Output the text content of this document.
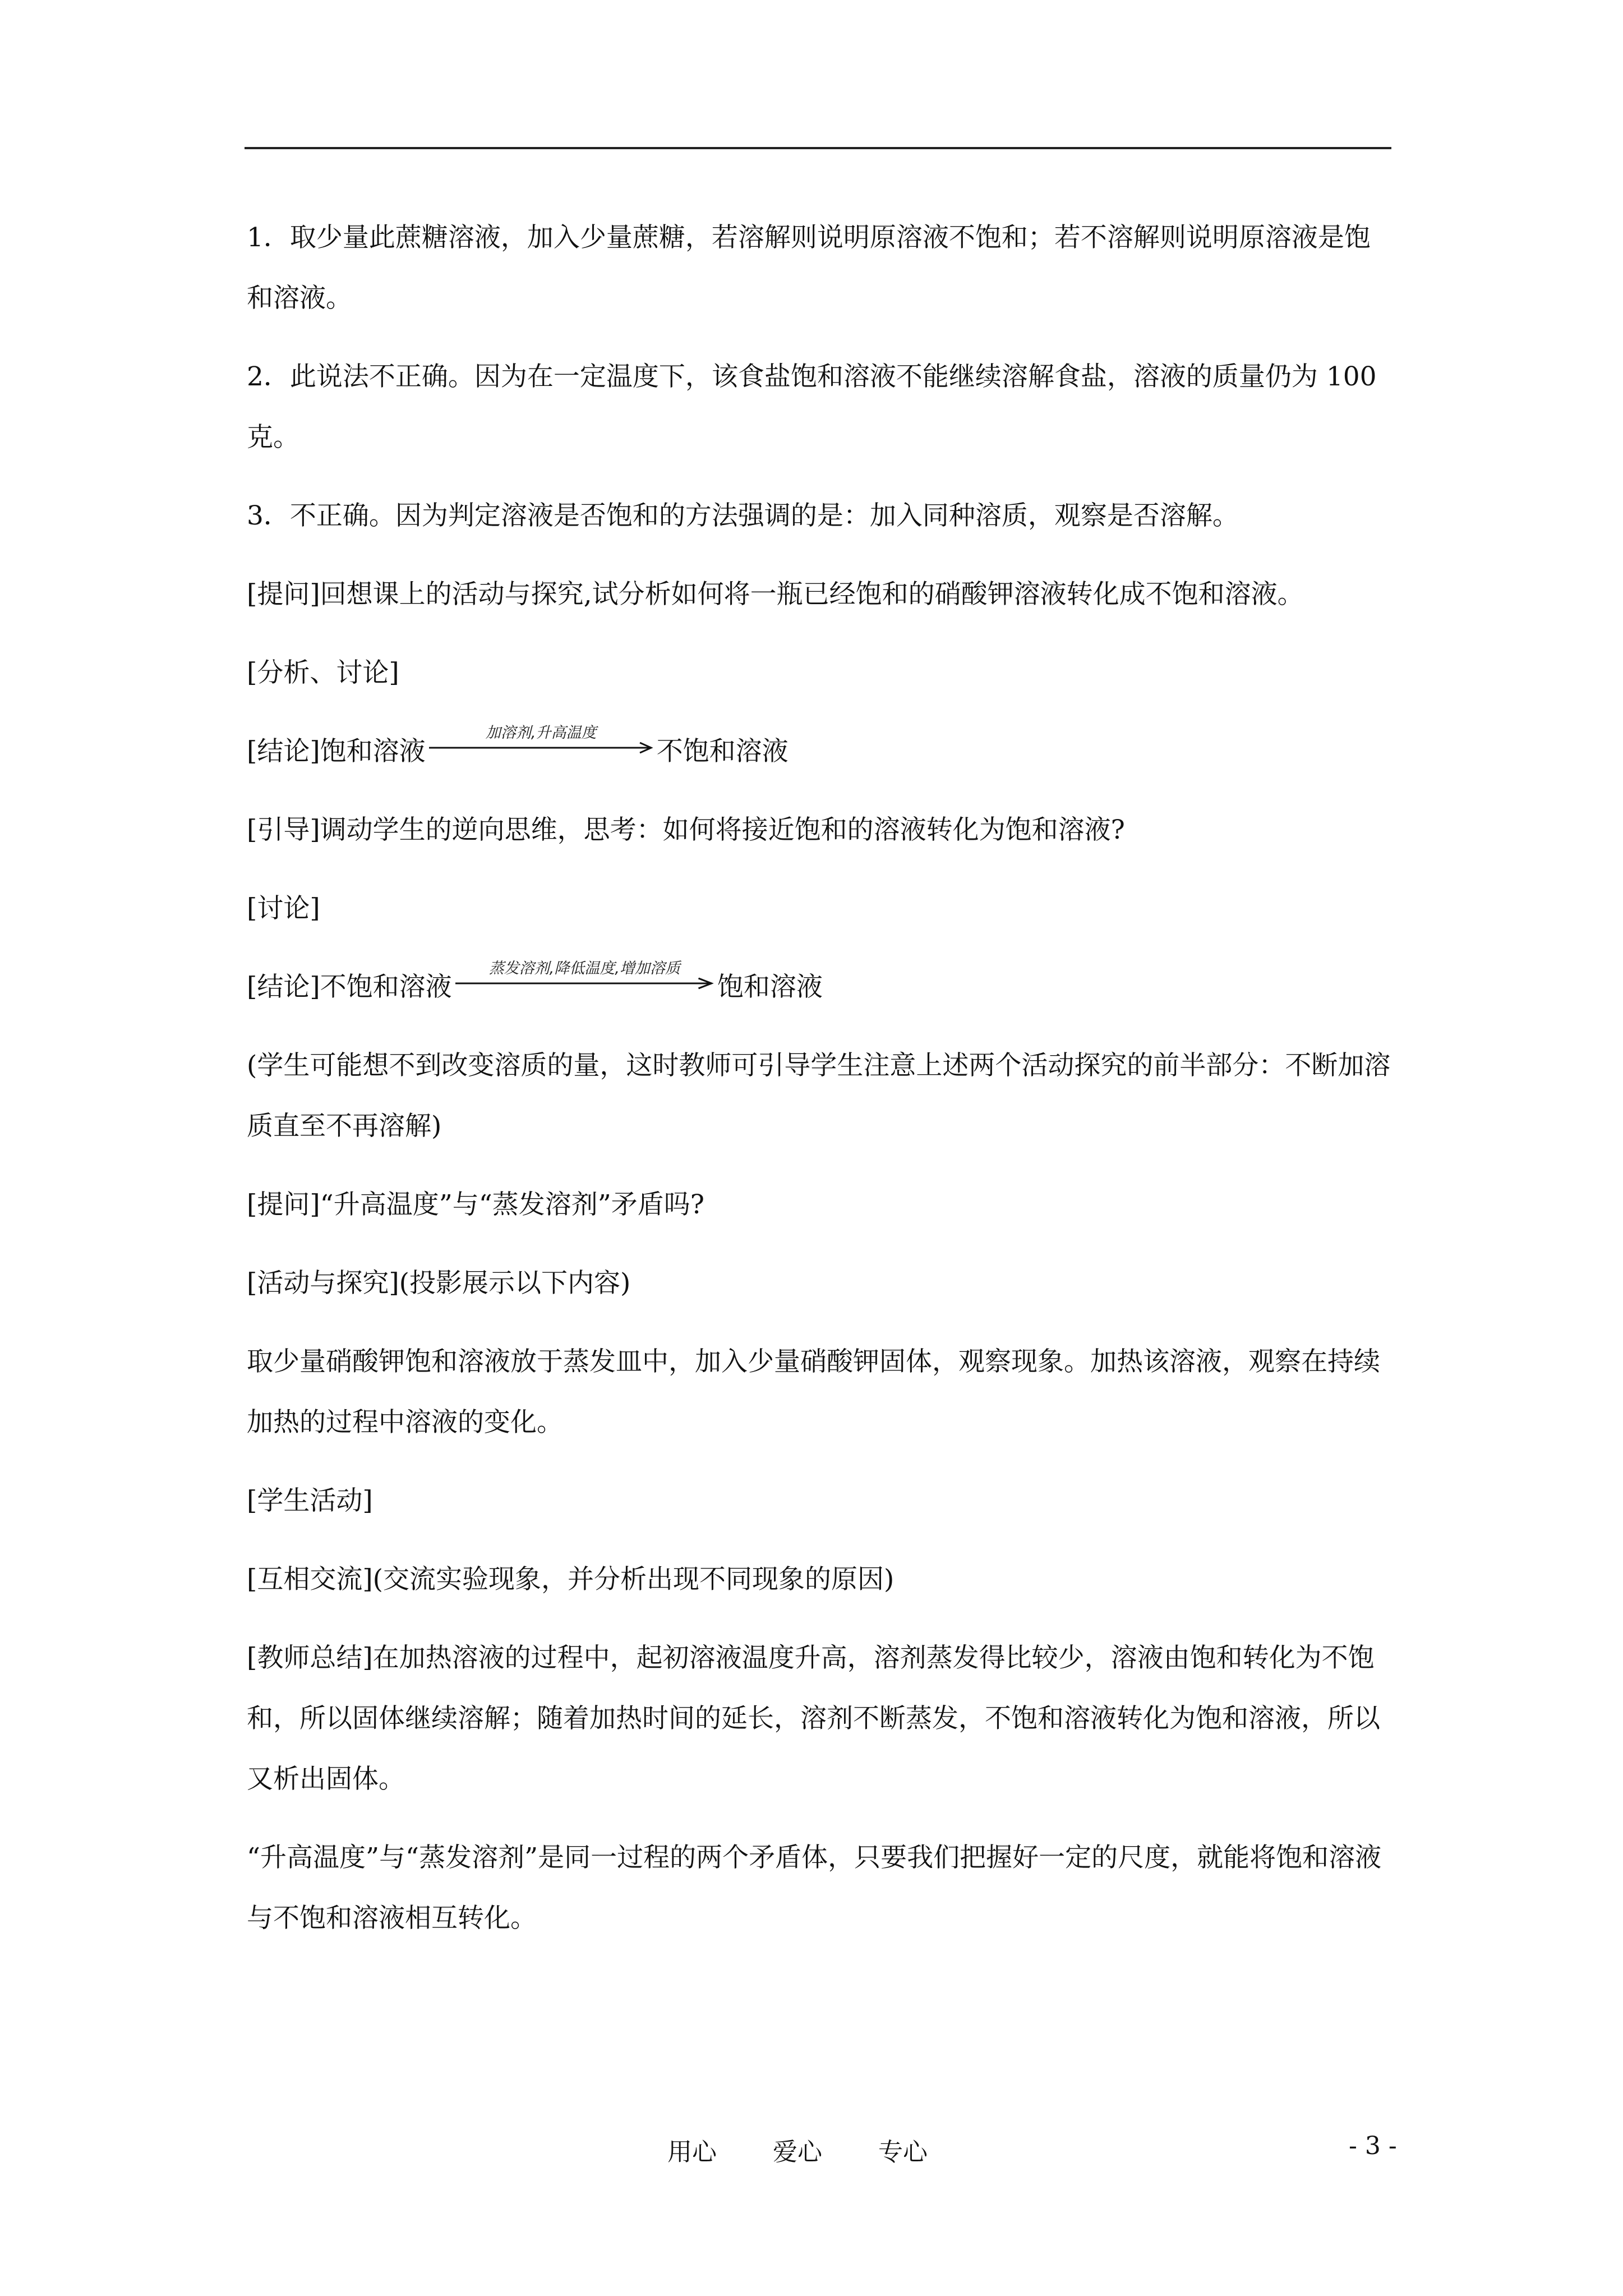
1．取少量此蔗糖溶液，加入少量蔗糖，若溶解则说明原溶液不饱和；若不溶解则说明原溶液是饱和溶液。

2．此说法不正确。因为在一定温度下，该食盐饱和溶液不能继续溶解食盐，溶液的质量仍为 100 克。

3．不正确。因为判定溶液是否饱和的方法强调的是：加入同种溶质，观察是否溶解。

[提问]回想课上的活动与探究,试分析如何将一瓶已经饱和的硝酸钾溶液转化成不饱和溶液。

[分析、讨论]

[结论]饱和溶液
加溶剂,升高温度
不饱和溶液

[引导]调动学生的逆向思维，思考：如何将接近饱和的溶液转化为饱和溶液?

[讨论]

[结论]不饱和溶液
蒸发溶剂,降低温度,增加溶质
饱和溶液

(学生可能想不到改变溶质的量，这时教师可引导学生注意上述两个活动探究的前半部分：不断加溶质直至不再溶解)

[提问]“升高温度”与“蒸发溶剂”矛盾吗?

[活动与探究](投影展示以下内容)

取少量硝酸钾饱和溶液放于蒸发皿中，加入少量硝酸钾固体，观察现象。加热该溶液，观察在持续加热的过程中溶液的变化。

[学生活动]

[互相交流](交流实验现象，并分析出现不同现象的原因)

[教师总结]在加热溶液的过程中，起初溶液温度升高，溶剂蒸发得比较少，溶液由饱和转化为不饱和，所以固体继续溶解；随着加热时间的延长，溶剂不断蒸发，不饱和溶液转化为饱和溶液，所以又析出固体。

“升高温度”与“蒸发溶剂”是同一过程的两个矛盾体，只要我们把握好一定的尺度，就能将饱和溶液与不饱和溶液相互转化。

用心 爱心 专心	- 3 -
